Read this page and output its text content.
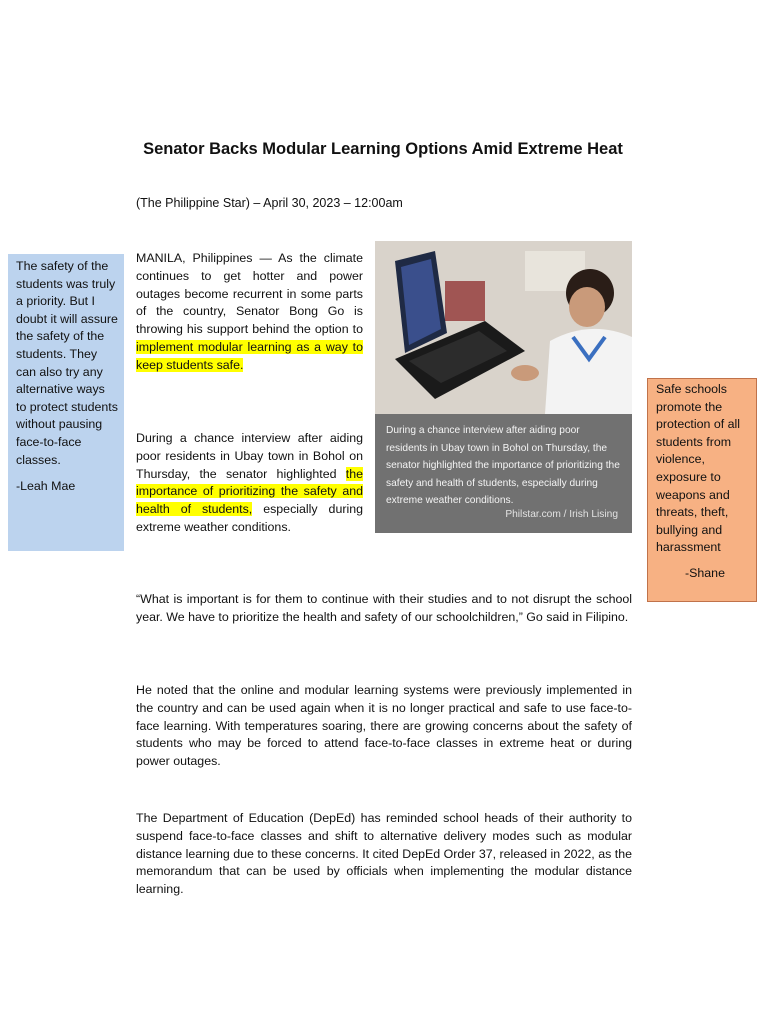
Senator Backs Modular Learning Options Amid Extreme Heat
(The Philippine Star) – April 30, 2023 – 12:00am

MANILA, Philippines — As the climate continues to get hotter and power outages become recurrent in some parts of the country, Senator Bong Go is throwing his support behind the option to implement modular learning as a way to keep students safe.

During a chance interview after aiding poor residents in Ubay town in Bohol on Thursday, the senator highlighted the importance of prioritizing the safety and health of students, especially during extreme weather conditions.

During a chance interview after aiding poor residents in Ubay town in Bohol on Thursday, the senator highlighted the importance of prioritizing the safety and health of students, especially during extreme weather conditions.

Philstar.com / Irish Lising

“What is important is for them to continue with their studies and to not disrupt the school year. We have to prioritize the health and safety of our schoolchildren,” Go said in Filipino.

He noted that the online and modular learning systems were previously implemented in the country and can be used again when it is no longer practical and safe to use face-to-face learning. With temperatures soaring, there are growing concerns about the safety of students who may be forced to attend face-to-face classes in extreme heat or during power outages.

The Department of Education (DepEd) has reminded school heads of their authority to suspend face-to-face classes and shift to alternative delivery modes such as modular distance learning due to these concerns. It cited DepEd Order 37, released in 2022, as the memorandum that can be used by officials when implementing the modular distance learning.

The safety of the students was truly a priority. But I doubt it will assure the safety of the students. They can also try any alternative ways to protect students without pausing face-to-face classes.
-Leah Mae
Safe schools promote the protection of all students from violence, exposure to weapons and threats, theft, bullying and harassment
-Shane
